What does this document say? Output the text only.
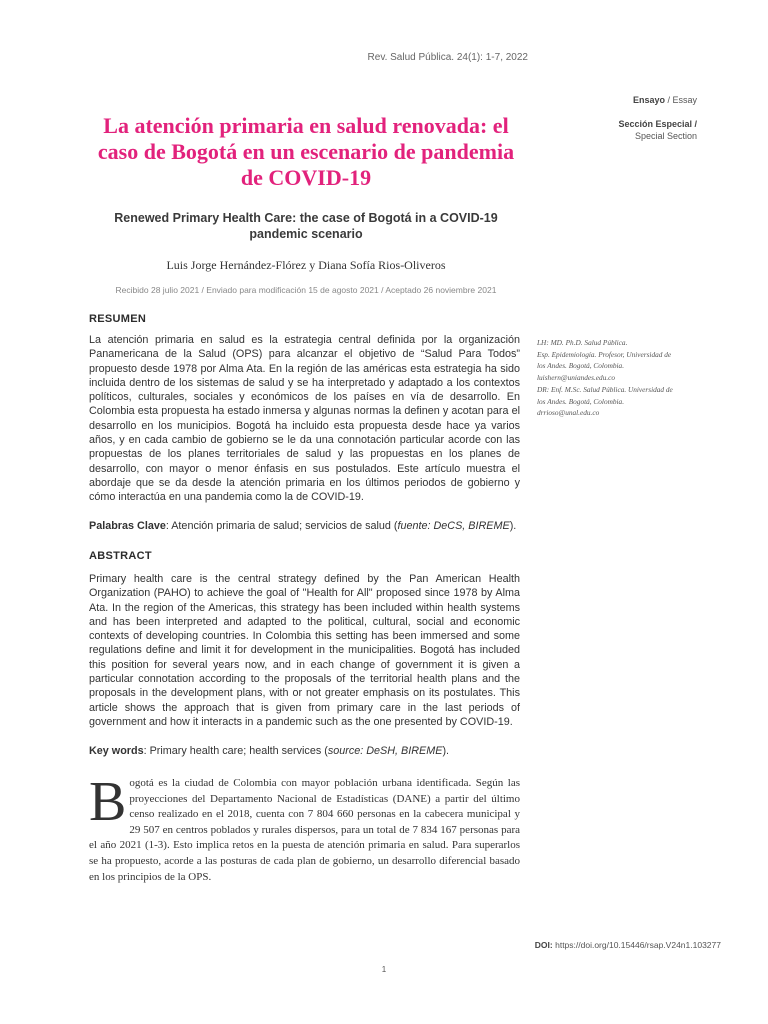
Rev. Salud Pública. 24(1): 1-7, 2022
Ensayo / Essay
Sección Especial /
Special Section
La atención primaria en salud renovada: el caso de Bogotá en un escenario de pandemia de COVID-19
Renewed Primary Health Care: the case of Bogotá in a COVID-19 pandemic scenario
Luis Jorge Hernández-Flórez y Diana Sofía Rios-Oliveros
Recibido 28 julio 2021 / Enviado para modificación 15 de agosto 2021 / Aceptado 26 noviembre 2021
RESUMEN

La atención primaria en salud es la estrategia central definida por la organización Panamericana de la Salud (OPS) para alcanzar el objetivo de “Salud Para Todos” propuesto desde 1978 por Alma Ata. En la región de las américas esta estrategia ha sido incluida dentro de los sistemas de salud y se ha interpretado y adaptado a los contextos políticos, culturales, sociales y económicos de los países en vía de desarrollo. En Colombia esta propuesta ha estado inmersa y algunas normas la definen y acotan para el desarrollo en los municipios. Bogotá ha incluido esta propuesta desde hace ya varios años, y en cada cambio de gobierno se le da una connotación particular acorde con las propuestas de los planes territoriales de salud y las propuestas en los planes de desarrollo, con mayor o menor énfasis en sus postulados. Este artículo muestra el abordaje que se da desde la atención primaria en los últimos periodos de gobierno y cómo interactúa en una pandemia como la de COVID-19.

Palabras Clave: Atención primaria de salud; servicios de salud (fuente: DeCS, BIREME).

ABSTRACT

Primary health care is the central strategy defined by the Pan American Health Organization (PAHO) to achieve the goal of "Health for All" proposed since 1978 by Alma Ata. In the region of the Americas, this strategy has been included within health systems and has been interpreted and adapted to the political, cultural, social and economic contexts of developing countries. In Colombia this setting has been immersed and some regulations define and limit it for development in the municipalities. Bogotá has included this position for several years now, and in each change of government it is given a particular connotation according to the proposals of the territorial health plans and the proposals in the development plans, with or not greater emphasis on its postulates. This article shows the approach that is given from primary care in the last periods of government and how it interacts in a pandemic such as the one presented by COVID-19.

Key words: Primary health care; health services (source: DeSH, BIREME).

LH: MD. Ph.D. Salud Pública.
Esp. Epidemiología. Profesor, Universidad de
los Andes. Bogotá, Colombia.
luishern@uniandes.edu.co
DR: Enf. M.Sc. Salud Pública. Universidad de
los Andes. Bogotá, Colombia.
drrioso@unal.edu.co
Bogotá es la ciudad de Colombia con mayor población urbana identificada. Según las proyecciones del Departamento Nacional de Estadísticas (DANE) a partir del último censo realizado en el 2018, cuenta con 7 804 660 personas en la cabecera municipal y 29 507 en centros poblados y rurales dispersos, para un total de 7 834 167 personas para el año 2021 (1-3). Esto implica retos en la puesta de atención primaria en salud. Para superarlos se ha propuesto, acorde a las posturas de cada plan de gobierno, un desarrollo diferencial basado en los principios de la OPS.
DOI: https://doi.org/10.15446/rsap.V24n1.103277
1
